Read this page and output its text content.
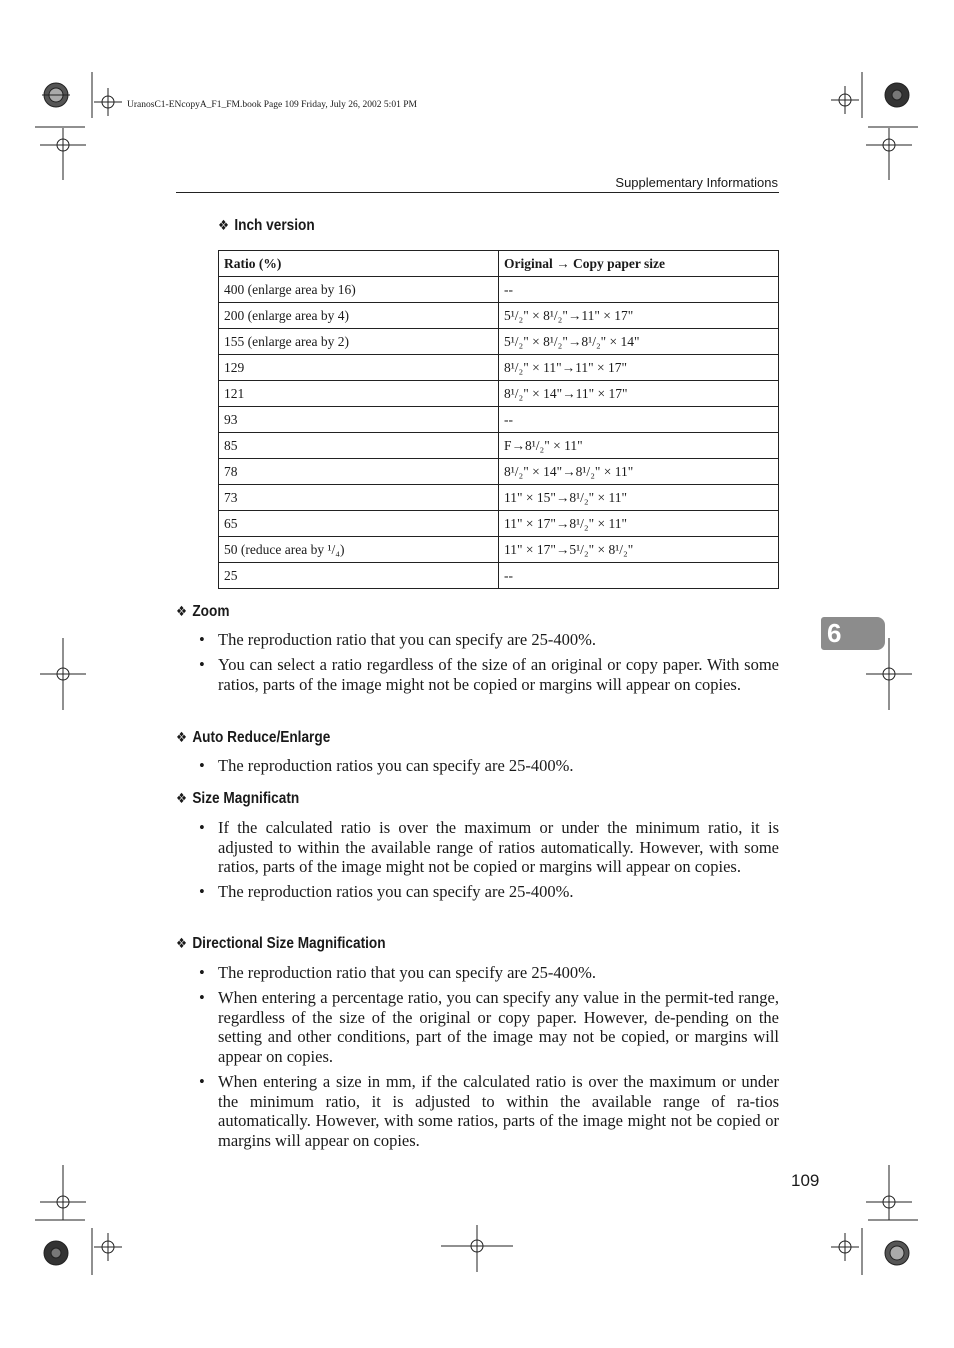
UranosC1-ENcopyA_F1_FM.book Page 109 Friday, July 26, 2002 5:01 PM
Supplementary Informations
❖ Inch version
Ratio (%)	Original → Copy paper size
400 (enlarge area by 16)	--
200 (enlarge area by 4)	5¹/₂" × 8¹/₂"→11" × 17"
155 (enlarge area by 2)	5¹/₂" × 8¹/₂"→8¹/₂" × 14"
129	8¹/₂" × 11"→11" × 17"
121	8¹/₂" × 14"→11" × 17"
93	--
85	F→8¹/₂" × 11"
78	8¹/₂" × 14"→8¹/₂" × 11"
73	11" × 15"→8¹/₂" × 11"
65	11" × 17"→8¹/₂" × 11"
50 (reduce area by ¹/₄)	11" × 17"→5¹/₂" × 8¹/₂"
25	--
❖ Zoom
• The reproduction ratio that you can specify are 25-400%.
• You can select a ratio regardless of the size of an original or copy paper. With some ratios, parts of the image might not be copied or margins will appear on copies.
❖ Auto Reduce/Enlarge
• The reproduction ratios you can specify are 25-400%.
❖ Size Magnificatn
• If the calculated ratio is over the maximum or under the minimum ratio, it is adjusted to within the available range of ratios automatically. However, with some ratios, parts of the image might not be copied or margins will appear on copies.
• The reproduction ratios you can specify are 25-400%.
❖ Directional Size Magnification
• The reproduction ratio that you can specify are 25-400%.
• When entering a percentage ratio, you can specify any value in the permit-ted range, regardless of the size of the original or copy paper. However, de-pending on the setting and other conditions, part of the image may not be copied, or margins will appear on copies.
• When entering a size in mm, if the calculated ratio is over the maximum or under the minimum ratio, it is adjusted to within the available range of ra-tios automatically. However, with some ratios, parts of the image might not be copied or margins will appear on copies.
6
109
